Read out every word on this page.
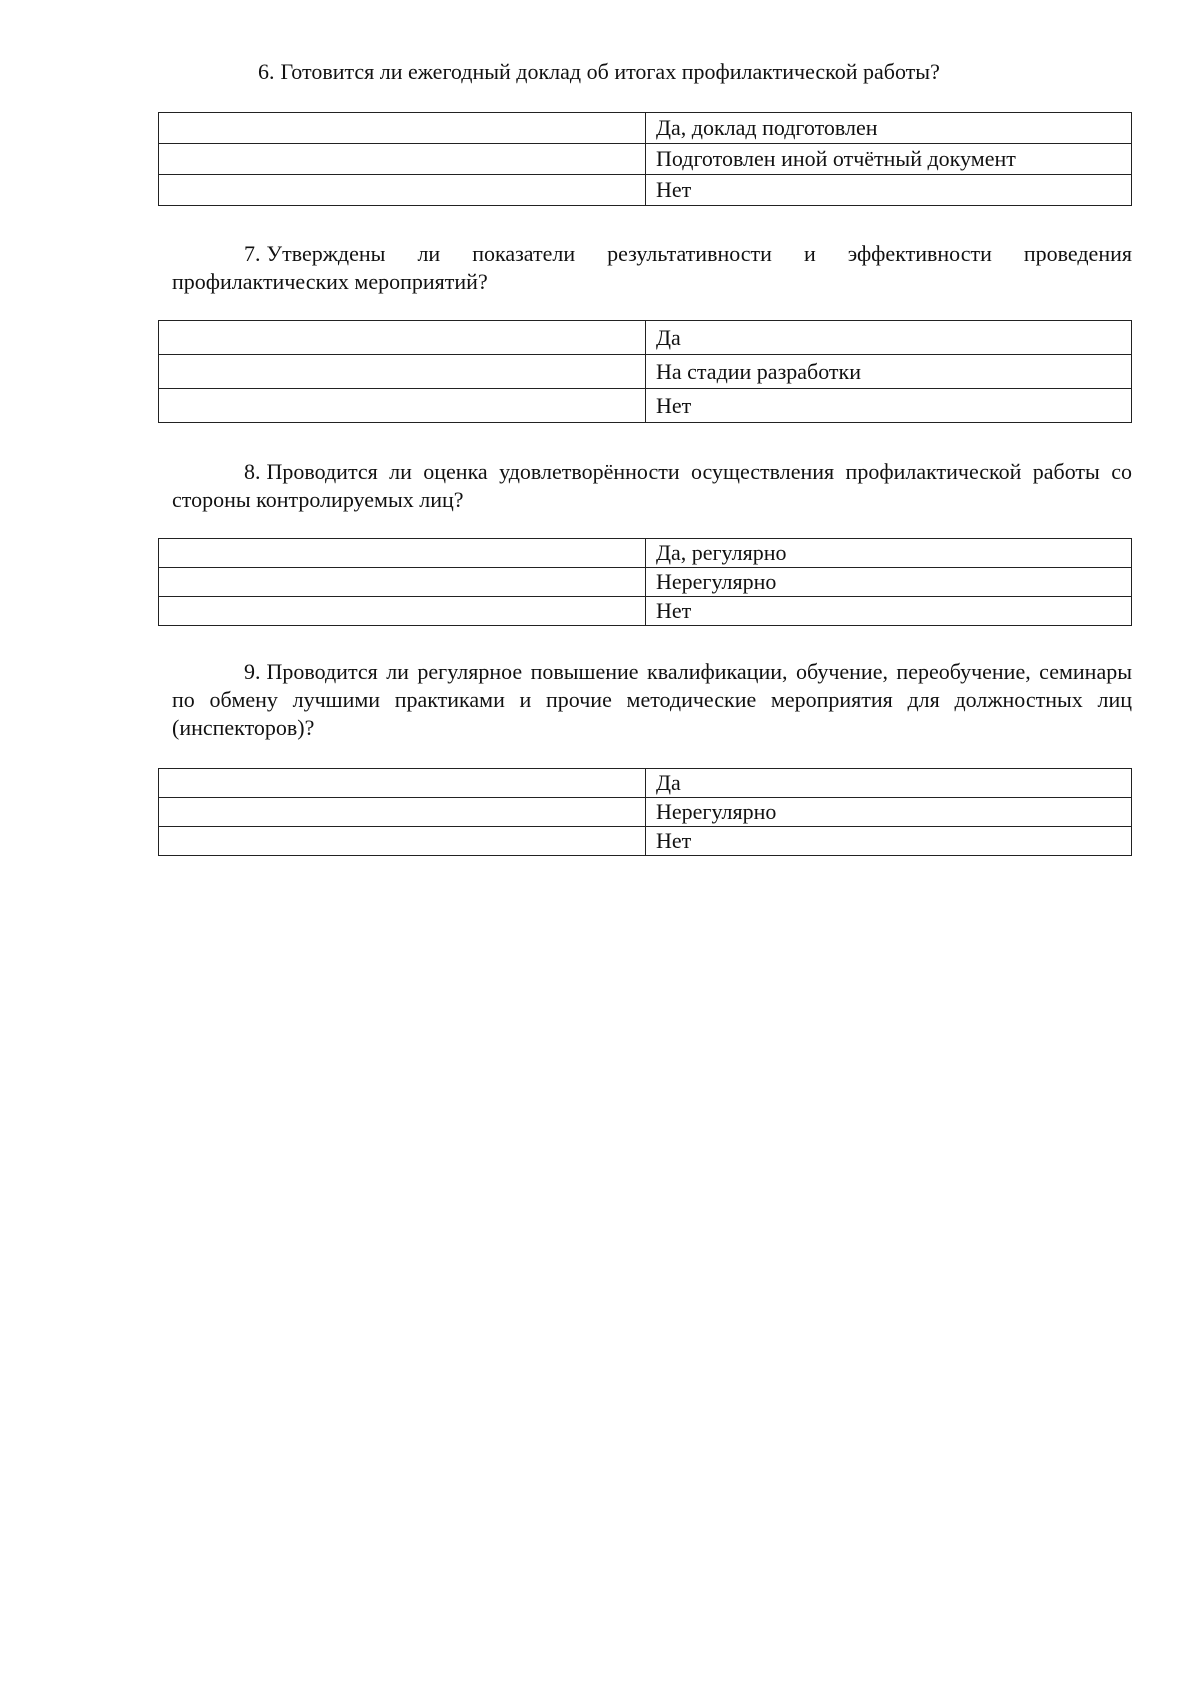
6. Готовится ли ежегодный доклад об итогах профилактической работы?

	Да, доклад подготовлен
	Подготовлен иной отчётный документ
	Нет

7. Утверждены ли показатели результативности и эффективности проведения профилактических мероприятий?

	Да
	На стадии разработки
	Нет

8. Проводится ли оценка удовлетворённости осуществления профилактической работы со стороны контролируемых лиц?

	Да, регулярно
	Нерегулярно
	Нет

9. Проводится ли регулярное повышение квалификации, обучение, переобучение, семинары по обмену лучшими практиками и прочие методические мероприятия для должностных лиц (инспекторов)?

	Да
	Нерегулярно
	Нет
